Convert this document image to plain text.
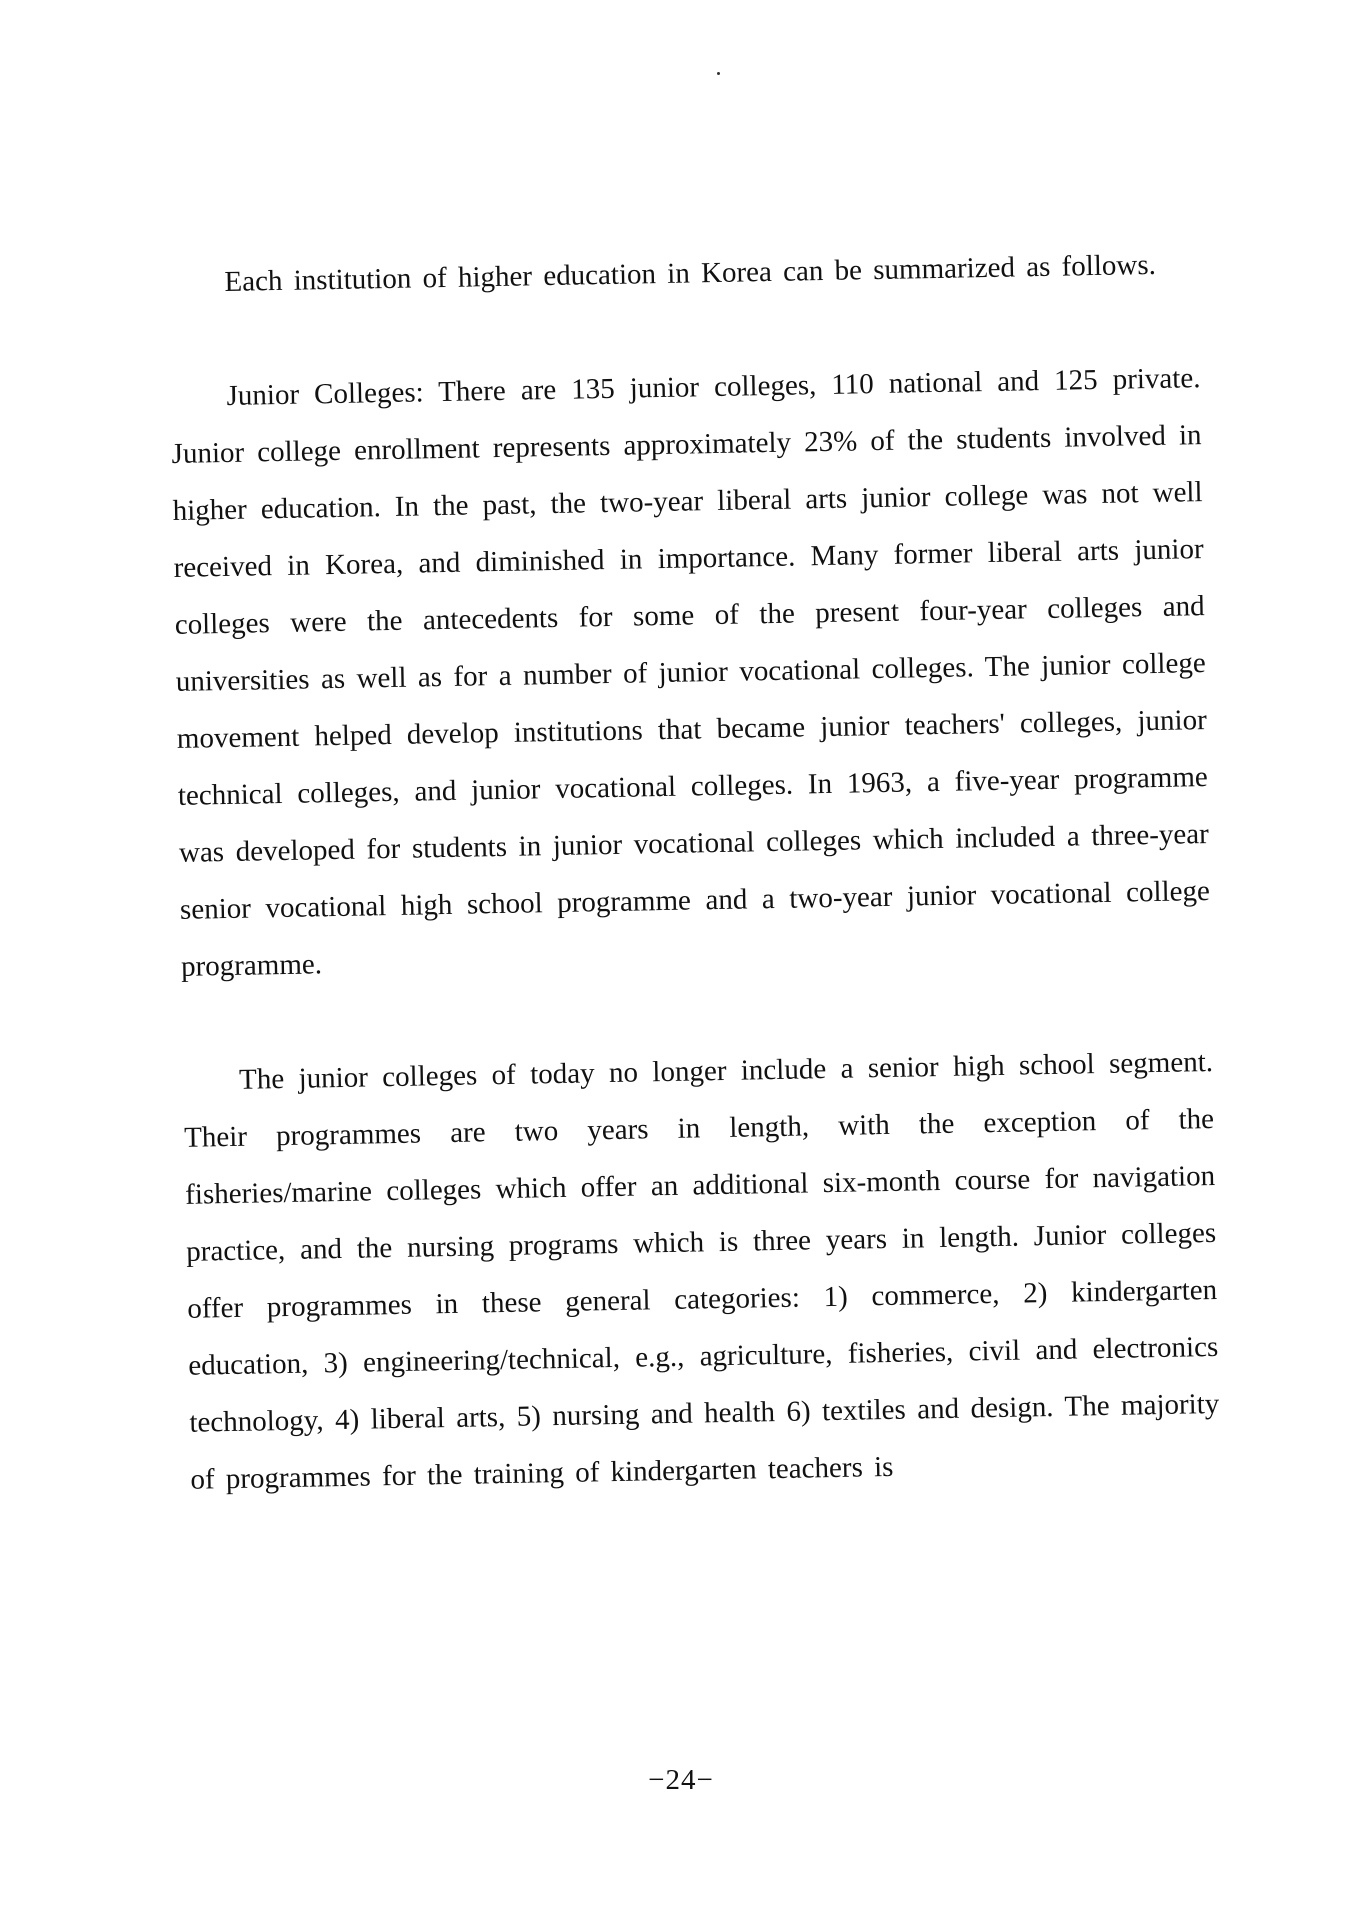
Each institution of higher education in Korea can be summarized as follows.

Junior Colleges: There are 135 junior colleges, 110 national and 125 private. Junior college enrollment represents approximately 23% of the students involved in higher education. In the past, the two-year liberal arts junior college was not well received in Korea, and diminished in importance. Many former liberal arts junior colleges were the antecedents for some of the present four-year colleges and universities as well as for a number of junior vocational colleges. The junior college movement helped develop institutions that became junior teachers' colleges, junior technical colleges, and junior vocational colleges. In 1963, a five-year programme was developed for students in junior vocational colleges which included a three-year senior vocational high school programme and a two-year junior vocational college programme.

The junior colleges of today no longer include a senior high school segment. Their programmes are two years in length, with the exception of the fisheries/marine colleges which offer an additional six-month course for navigation practice, and the nursing programs which is three years in length. Junior colleges offer programmes in these general categories: 1) commerce, 2) kindergarten education, 3) engineering/technical, e.g., agriculture, fisheries, civil and electronics technology, 4) liberal arts, 5) nursing and health 6) textiles and design. The majority of programmes for the training of kindergarten teachers is

−24−
